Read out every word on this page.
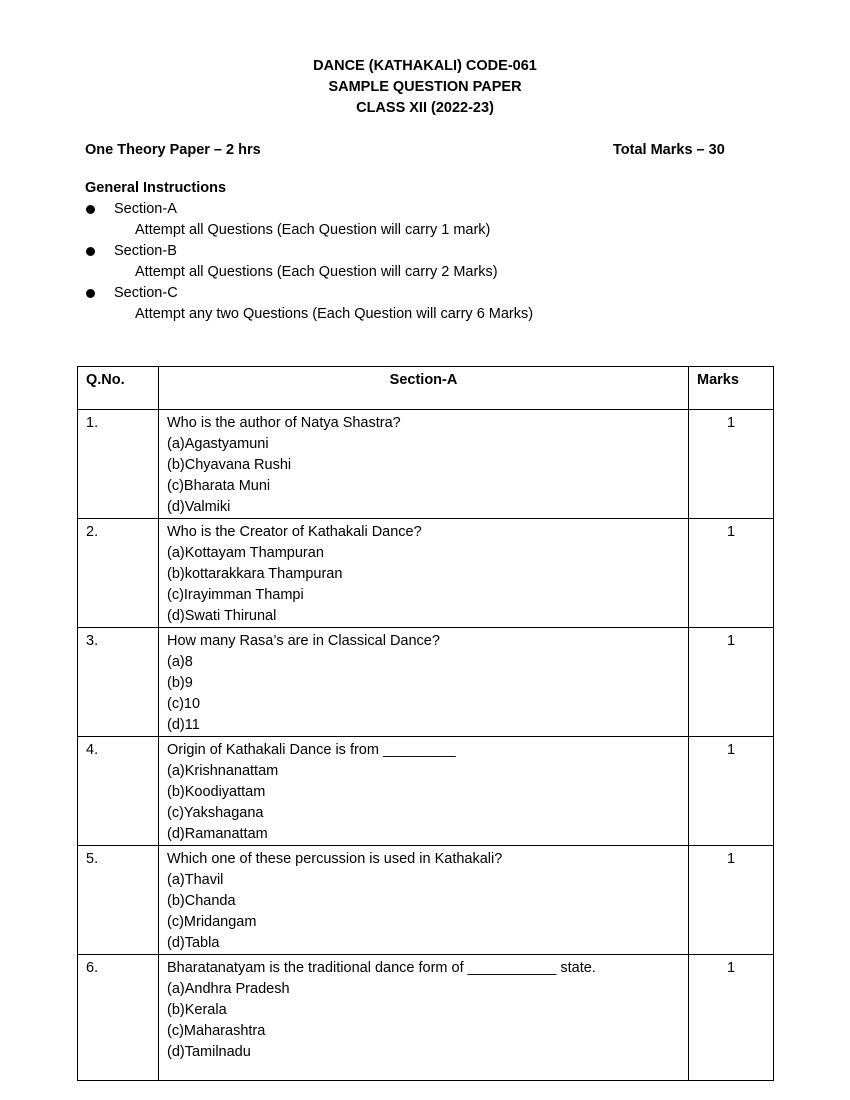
DANCE (KATHAKALI) CODE-061
SAMPLE QUESTION PAPER
CLASS XII (2022-23)
One Theory Paper – 2 hrs	Total Marks – 30
General Instructions
Section-A
Attempt all Questions (Each Question will carry 1 mark)
Section-B
Attempt all Questions (Each Question will carry 2 Marks)
Section-C
Attempt any two Questions (Each Question will carry 6 Marks)
Q.No.	Section-A	Marks
1.	Who is the author of Natya Shastra?
(a)Agastyamuni
(b)Chyavana Rushi
(c)Bharata Muni
(d)Valmiki	1
2.	Who is the Creator of Kathakali Dance?
(a)Kottayam Thampuran
(b)kottarakkara Thampuran
(c)Irayimman Thampi
(d)Swati Thirunal	1
3.	How many Rasa’s are in Classical Dance?
(a)8
(b)9
(c)10
(d)11	1
4.	Origin of Kathakali Dance is from _________
(a)Krishnanattam
(b)Koodiyattam
(c)Yakshagana
(d)Ramanattam	1
5.	Which one of these percussion is used in Kathakali?
(a)Thavil
(b)Chanda
(c)Mridangam
(d)Tabla	1
6.	Bharatanatyam is the traditional dance form of ___________ state.
(a)Andhra Pradesh
(b)Kerala
(c)Maharashtra
(d)Tamilnadu	1
